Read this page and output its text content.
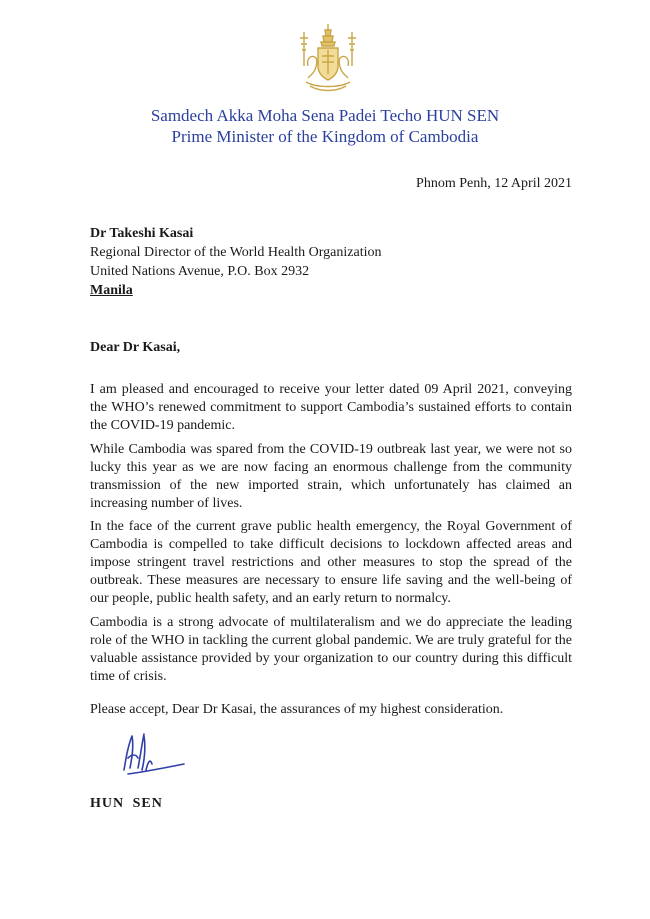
Samdech Akka Moha Sena Padei Techo HUN SEN
Prime Minister of the Kingdom of Cambodia
Phnom Penh, 12 April 2021
Dr Takeshi Kasai
Regional Director of the World Health Organization
United Nations Avenue, P.O. Box 2932
Manila
Dear Dr Kasai,
I am pleased and encouraged to receive your letter dated 09 April 2021, conveying the WHO’s renewed commitment to support Cambodia’s sustained efforts to contain the COVID-19 pandemic.
While Cambodia was spared from the COVID-19 outbreak last year, we were not so lucky this year as we are now facing an enormous challenge from the community transmission of the new imported strain, which unfortunately has claimed an increasing number of lives.
In the face of the current grave public health emergency, the Royal Government of Cambodia is compelled to take difficult decisions to lockdown affected areas and impose stringent travel restrictions and other measures to stop the spread of the outbreak. These measures are necessary to ensure life saving and the well-being of our people, public health safety, and an early return to normalcy.
Cambodia is a strong advocate of multilateralism and we do appreciate the leading role of the WHO in tackling the current global pandemic. We are truly grateful for the valuable assistance provided by your organization to our country during this difficult time of crisis.
Please accept, Dear Dr Kasai, the assurances of my highest consideration.
HUN SEN
